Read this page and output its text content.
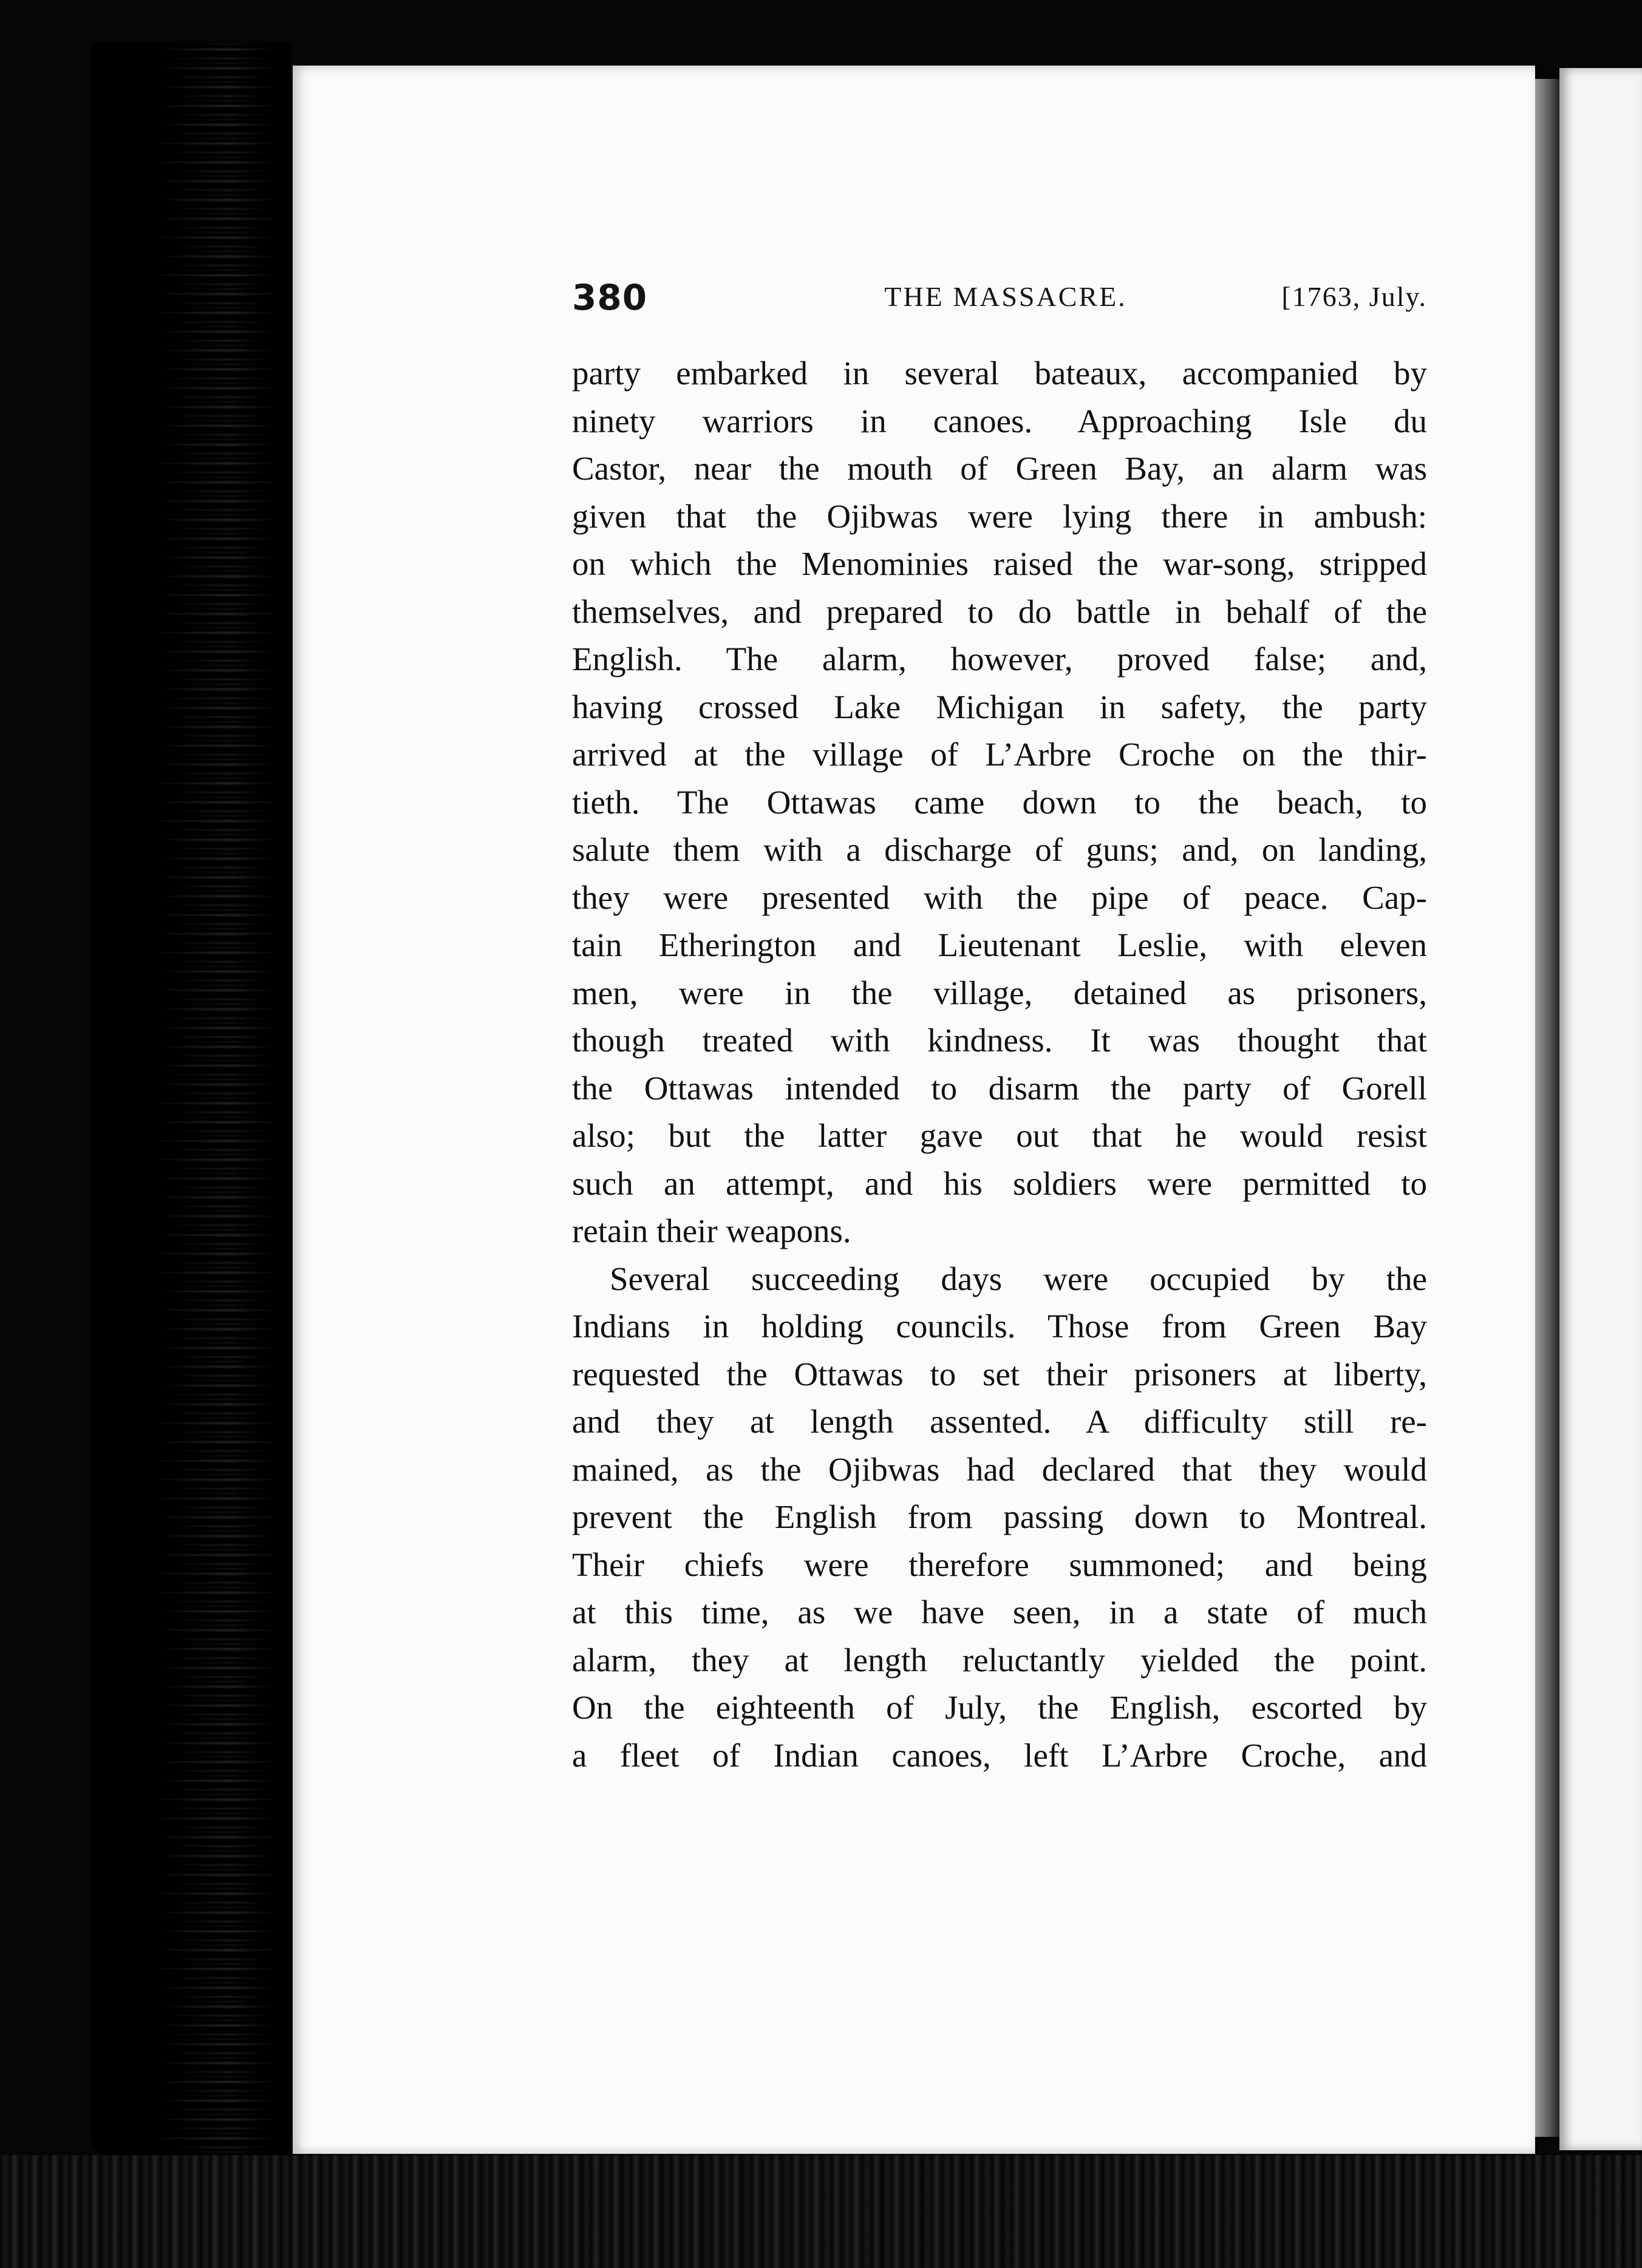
380	THE MASSACRE.	[1763, July.
party embarked in several bateaux, accompanied by
ninety warriors in canoes. Approaching Isle du
Castor, near the mouth of Green Bay, an alarm was
given that the Ojibwas were lying there in ambush:
on which the Menominies raised the war-song, stripped
themselves, and prepared to do battle in behalf of the
English. The alarm, however, proved false; and,
having crossed Lake Michigan in safety, the party
arrived at the village of L’Arbre Croche on the thir-
tieth. The Ottawas came down to the beach, to
salute them with a discharge of guns; and, on landing,
they were presented with the pipe of peace. Cap-
tain Etherington and Lieutenant Leslie, with eleven
men, were in the village, detained as prisoners,
though treated with kindness. It was thought that
the Ottawas intended to disarm the party of Gorell
also; but the latter gave out that he would resist
such an attempt, and his soldiers were permitted to
retain their weapons.
Several succeeding days were occupied by the
Indians in holding councils. Those from Green Bay
requested the Ottawas to set their prisoners at liberty,
and they at length assented. A difficulty still re-
mained, as the Ojibwas had declared that they would
prevent the English from passing down to Montreal.
Their chiefs were therefore summoned; and being
at this time, as we have seen, in a state of much
alarm, they at length reluctantly yielded the point.
On the eighteenth of July, the English, escorted by
a fleet of Indian canoes, left L’Arbre Croche, and
